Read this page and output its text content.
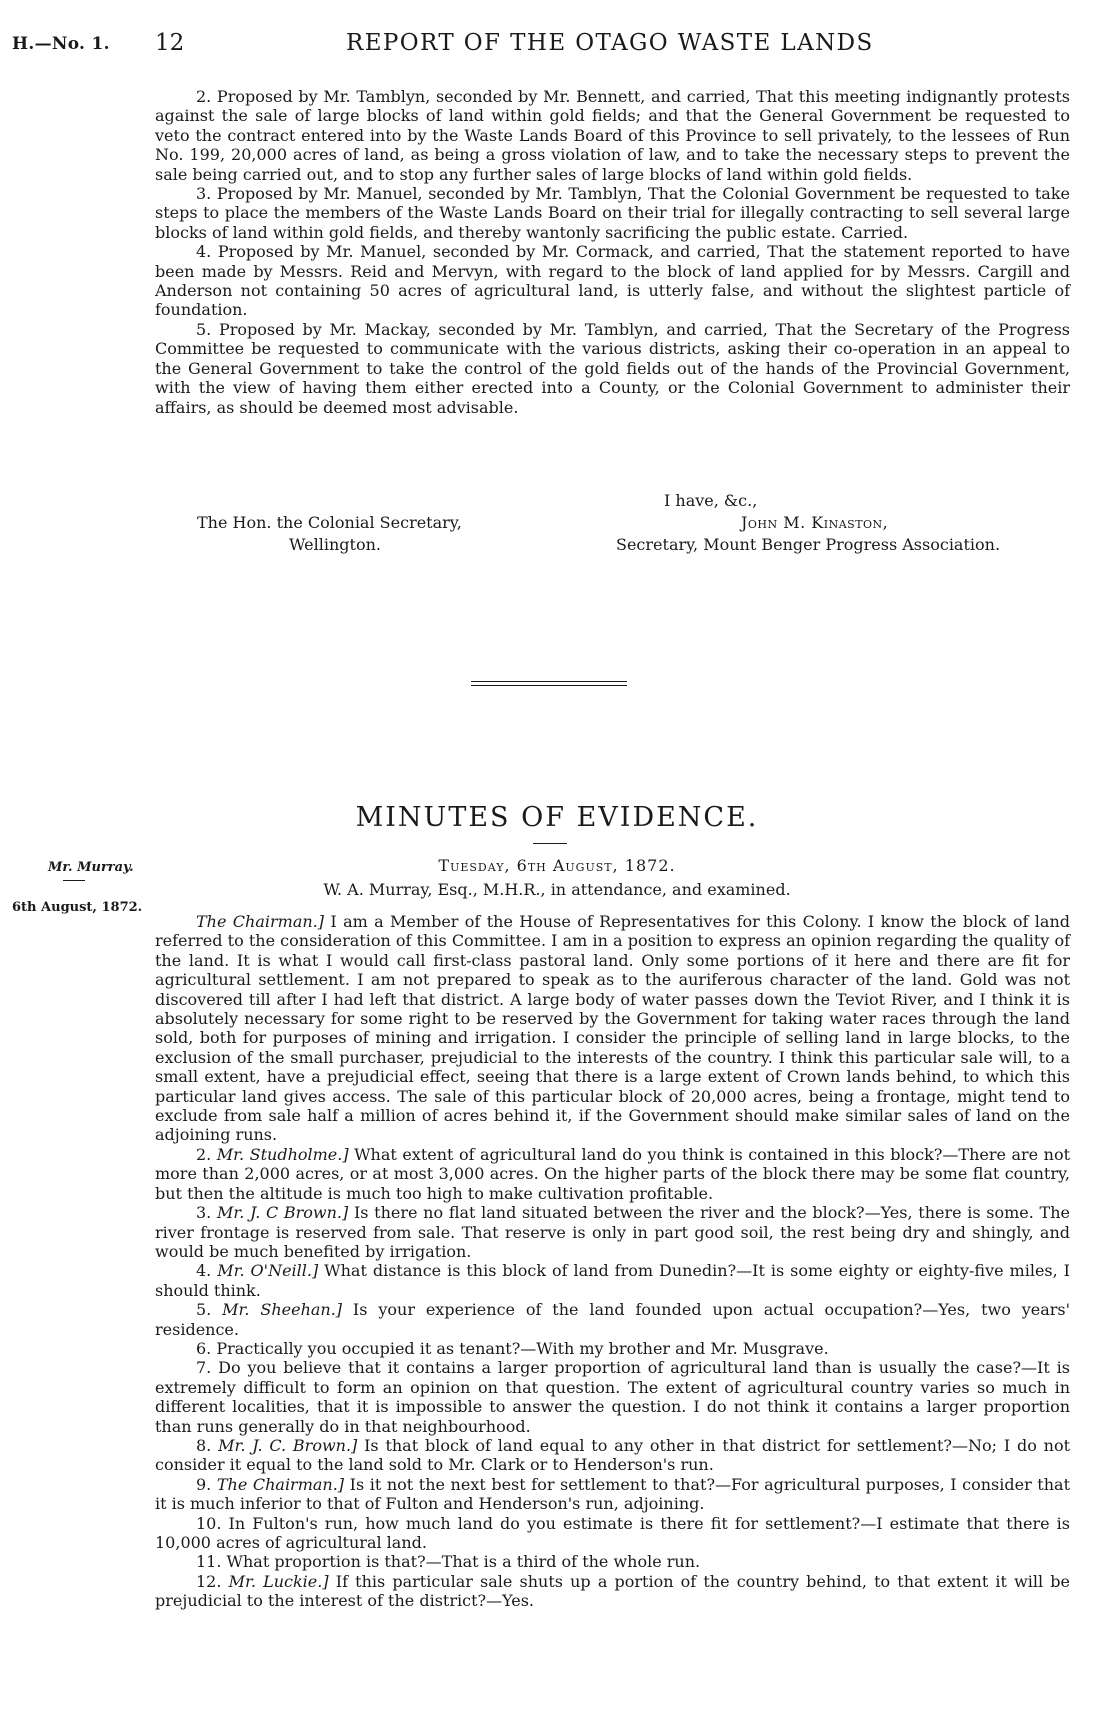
H.—No. 1. 12	REPORT OF THE OTAGO WASTE LANDS

2. Proposed by Mr. Tamblyn, seconded by Mr. Bennett, and carried, That this meeting indignantly protests against the sale of large blocks of land within gold fields; and that the General Government be requested to veto the contract entered into by the Waste Lands Board of this Province to sell privately, to the lessees of Run No. 199, 20,000 acres of land, as being a gross violation of law, and to take the necessary steps to prevent the sale being carried out, and to stop any further sales of large blocks of land within gold fields.

3. Proposed by Mr. Manuel, seconded by Mr. Tamblyn, That the Colonial Government be requested to take steps to place the members of the Waste Lands Board on their trial for illegally contracting to sell several large blocks of land within gold fields, and thereby wantonly sacrificing the public estate. Carried.

4. Proposed by Mr. Manuel, seconded by Mr. Cormack, and carried, That the statement reported to have been made by Messrs. Reid and Mervyn, with regard to the block of land applied for by Messrs. Cargill and Anderson not containing 50 acres of agricultural land, is utterly false, and without the slightest particle of foundation.

5. Proposed by Mr. Mackay, seconded by Mr. Tamblyn, and carried, That the Secretary of the Progress Committee be requested to communicate with the various districts, asking their co-operation in an appeal to the General Government to take the control of the gold fields out of the hands of the Provincial Government, with the view of having them either erected into a County, or the Colonial Government to administer their affairs, as should be deemed most advisable.

I have, &c.,
The Hon. the Colonial Secretary,
Wellington.
John M. Kinaston,
Secretary, Mount Benger Progress Association.
MINUTES OF EVIDENCE.
Tuesday, 6th August, 1872.
W. A. Murray, Esq., M.H.R., in attendance, and examined.
Mr. Murray.
6th August, 1872.

The Chairman.] I am a Member of the House of Representatives for this Colony. I know the block of land referred to the consideration of this Committee. I am in a position to express an opinion regarding the quality of the land. It is what I would call first-class pastoral land. Only some portions of it here and there are fit for agricultural settlement. I am not prepared to speak as to the auriferous character of the land. Gold was not discovered till after I had left that district. A large body of water passes down the Teviot River, and I think it is absolutely necessary for some right to be reserved by the Government for taking water races through the land sold, both for purposes of mining and irrigation. I consider the principle of selling land in large blocks, to the exclusion of the small purchaser, prejudicial to the interests of the country. I think this particular sale will, to a small extent, have a prejudicial effect, seeing that there is a large extent of Crown lands behind, to which this particular land gives access. The sale of this particular block of 20,000 acres, being a frontage, might tend to exclude from sale half a million of acres behind it, if the Government should make similar sales of land on the adjoining runs.

2. Mr. Studholme.] What extent of agricultural land do you think is contained in this block?—There are not more than 2,000 acres, or at most 3,000 acres. On the higher parts of the block there may be some flat country, but then the altitude is much too high to make cultivation profitable.

3. Mr. J. C Brown.] Is there no flat land situated between the river and the block?—Yes, there is some. The river frontage is reserved from sale. That reserve is only in part good soil, the rest being dry and shingly, and would be much benefited by irrigation.

4. Mr. O'Neill.] What distance is this block of land from Dunedin?—It is some eighty or eighty-five miles, I should think.

5. Mr. Sheehan.] Is your experience of the land founded upon actual occupation?—Yes, two years' residence.

6. Practically you occupied it as tenant?—With my brother and Mr. Musgrave.

7. Do you believe that it contains a larger proportion of agricultural land than is usually the case?—It is extremely difficult to form an opinion on that question. The extent of agricultural country varies so much in different localities, that it is impossible to answer the question. I do not think it contains a larger proportion than runs generally do in that neighbourhood.

8. Mr. J. C. Brown.] Is that block of land equal to any other in that district for settlement?—No; I do not consider it equal to the land sold to Mr. Clark or to Henderson's run.

9. The Chairman.] Is it not the next best for settlement to that?—For agricultural purposes, I consider that it is much inferior to that of Fulton and Henderson's run, adjoining.

10. In Fulton's run, how much land do you estimate is there fit for settlement?—I estimate that there is 10,000 acres of agricultural land.

11. What proportion is that?—That is a third of the whole run.

12. Mr. Luckie.] If this particular sale shuts up a portion of the country behind, to that extent it will be prejudicial to the interest of the district?—Yes.
